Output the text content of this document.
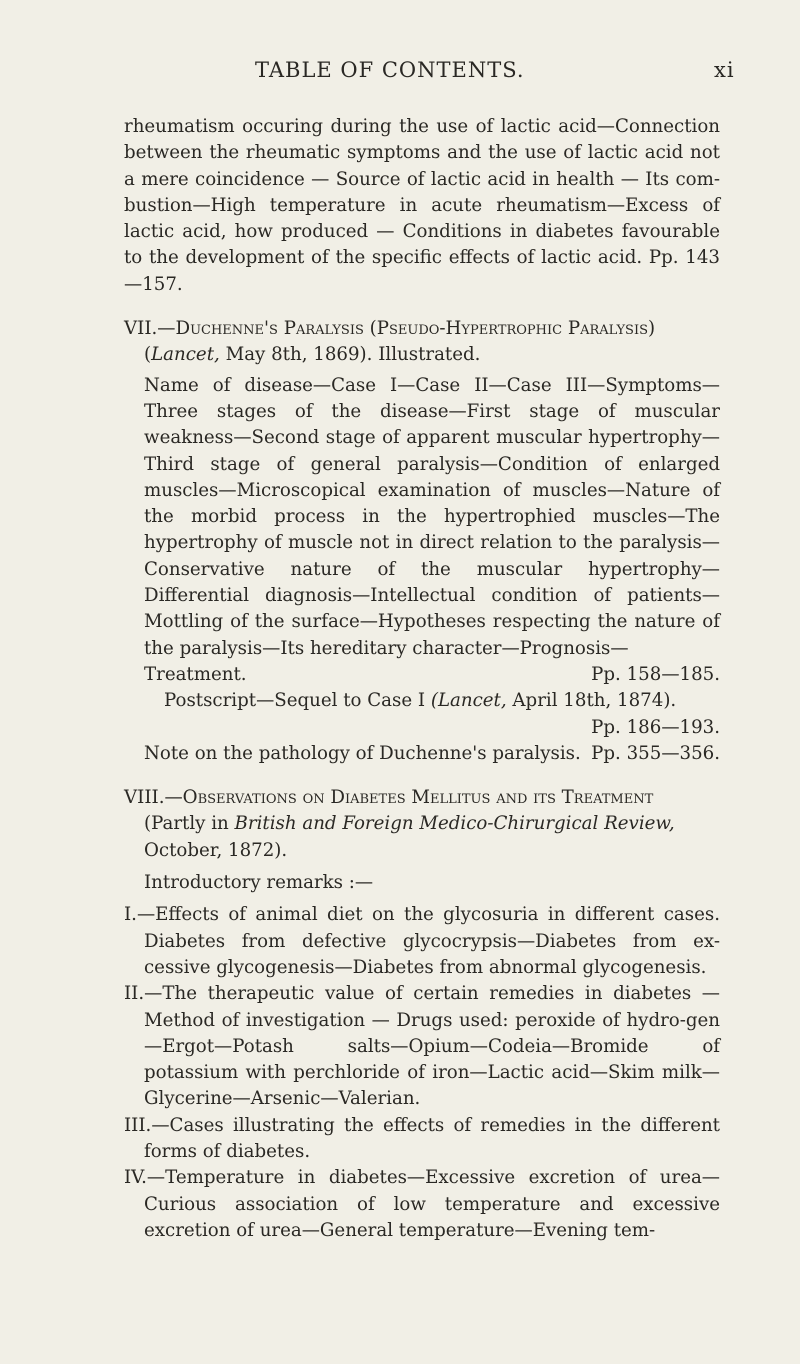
TABLE OF CONTENTS.	xi

rheumatism occuring during the use of lactic acid—Connection between the rheumatic symptoms and the use of lactic acid not a mere coincidence — Source of lactic acid in health — Its com-bustion—High temperature in acute rheumatism—Excess of lactic acid, how produced — Conditions in diabetes favourable to the development of the specific effects of lactic acid. Pp. 143—157.

VII.—Duchenne's Paralysis (Pseudo-Hypertrophic Paralysis)
(Lancet, May 8th, 1869). Illustrated.

Name of disease—Case I—Case II—Case III—Symptoms—Three stages of the disease—First stage of muscular weakness—Second stage of apparent muscular hypertrophy—Third stage of general paralysis—Condition of enlarged muscles—Microscopical examination of muscles—Nature of the morbid process in the hypertrophied muscles—The hypertrophy of muscle not in direct relation to the paralysis—Conservative nature of the muscular hypertrophy—Differential diagnosis—Intellectual condition of patients—Mottling of the surface—Hypotheses respecting the nature of the paralysis—Its hereditary character—Prognosis—

Treatment.	Pp. 158—185.

Postscript—Sequel to Case I (Lancet, April 18th, 1874).

Pp. 186—193.

Note on the pathology of Duchenne's paralysis. Pp. 355—356.

VIII.—Observations on Diabetes Mellitus and its Treatment
(Partly in British and Foreign Medico-Chirurgical Review,
October, 1872).

Introductory remarks :—

I.—Effects of animal diet on the glycosuria in different cases. Diabetes from defective glycocrypsis—Diabetes from ex-cessive glycogenesis—Diabetes from abnormal glycogenesis.

II.—The therapeutic value of certain remedies in diabetes — Method of investigation — Drugs used: peroxide of hydro-gen—Ergot—Potash salts—Opium—Codeia—Bromide of potassium with perchloride of iron—Lactic acid—Skim milk—Glycerine—Arsenic—Valerian.

III.—Cases illustrating the effects of remedies in the different forms of diabetes.

IV.—Temperature in diabetes—Excessive excretion of urea—Curious association of low temperature and excessive excretion of urea—General temperature—Evening tem-
